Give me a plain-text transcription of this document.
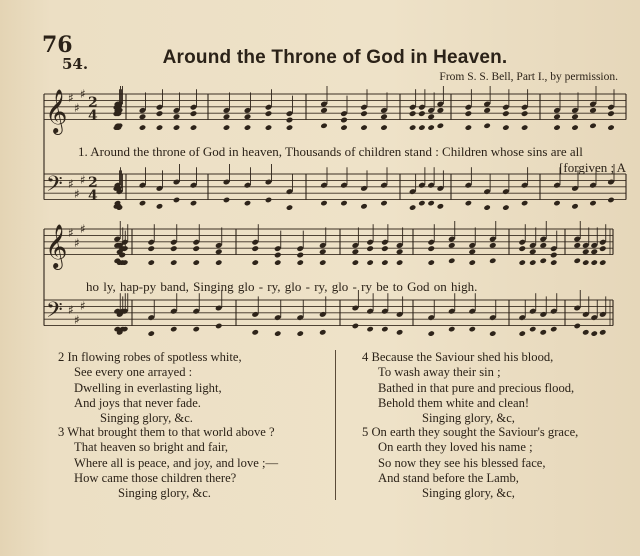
76
54.	Around the Throne of God in Heaven.
From S. S. Bell, Part I., by permission.
𝄞
𝄢
𝄞
𝄢
♯
♯
♯
♯
♯
♯
♯
♯
♯
♯
♯
♯
2
4
2
4
1. Around the throne of God in heaven, Thousands of children stand : Children whose sins are all
[forgiven ; A
ho ly, hap-py band, Singing glo - ry, glo - ry, glo - ry be to God on high.
2 In flowing robes of spotless white,
See every one arrayed :
Dwelling in everlasting light,
And joys that never fade.
Singing glory, &c.
3 What brought them to that world above ?
That heaven so bright and fair,
Where all is peace, and joy, and love ;—
How came those children there?
Singing glory, &c.
4 Because the Saviour shed his blood,
To wash away their sin ;
Bathed in that pure and precious flood,
Behold them white and clean!
Singing glory, &c,
5 On earth they sought the Saviour's grace,
On earth they loved his name ;
So now they see his blessed face,
And stand before the Lamb,
Singing glory, &c,
